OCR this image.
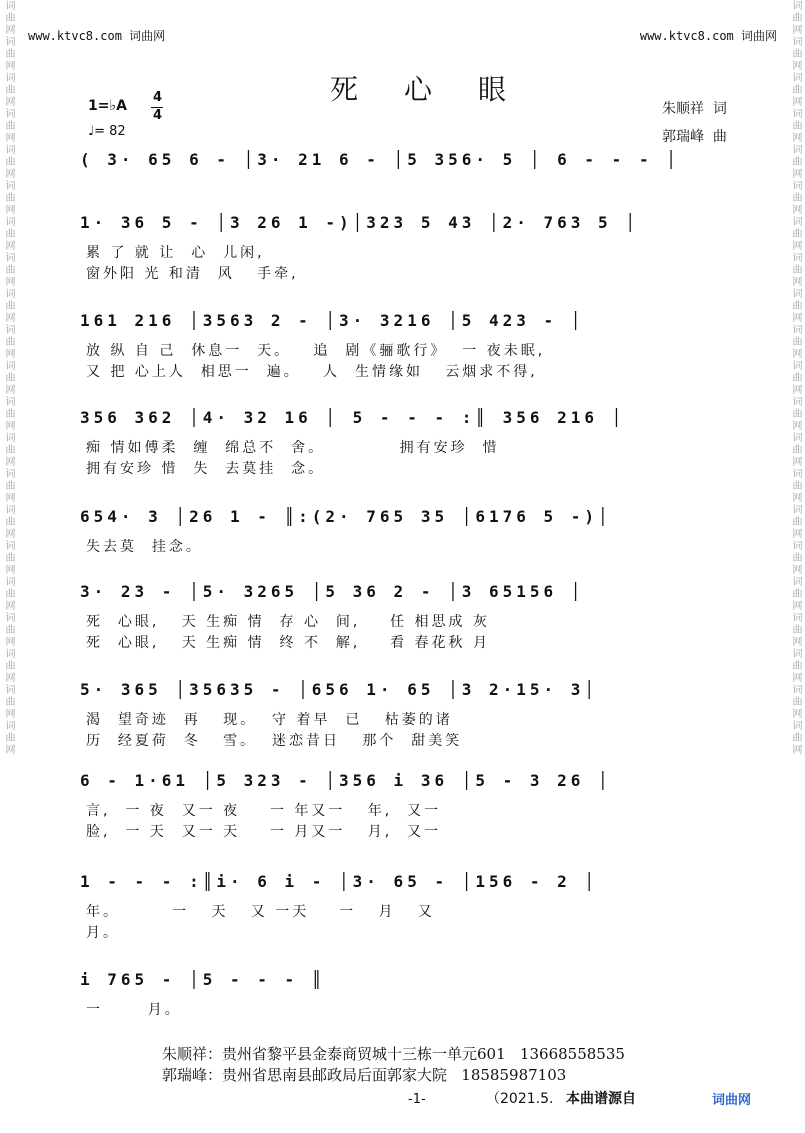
词曲网词曲网词曲网词曲网词曲网词曲网词曲网词曲网词曲网词曲网词曲网词曲网词曲网词曲网词曲网词曲网词曲网词曲网词曲网词曲网词曲网	词曲网词曲网词曲网词曲网词曲网词曲网词曲网词曲网词曲网词曲网词曲网词曲网词曲网词曲网词曲网词曲网词曲网词曲网词曲网词曲网词曲网
www.ktvc8.com 词曲网	www.ktvc8.com 词曲网
死心眼
1=♭A
4
4
♩= 82
朱顺祥  词
郭瑞峰  曲
( 3· 65 6 - │3· 21 6 - │5 356· 5 │ 6 - - - │
1· 36 5 - │3 26 1 -)│323 5 43 │2· 763 5 │
累 了 就 让  心  儿闲,
窗外阳 光 和清  风   手牵,
161 216 │3563 2 - │3· 3216 │5 423 - │
放 纵 自 己  休息一  天。   追  剧《骊歌行》  一 夜未眠,
又 把 心上人  相思一  遍。   人  生情缘如   云烟求不得,
356 362 │4· 32 16 │ 5 - - - :║ 356 216 │
痴 情如傅柔  缠  绵总不  舍。          拥有安珍  惜
拥有安珍 惜  失  去莫挂  念。
654· 3 │26 1 - ║:(2· 765 35 │6176 5 -)│
失去莫  挂念。
3· 23 - │5· 3265 │5 36 2 - │3 65156 │
死  心眼,   天 生痴 情  存 心  间,    任 相思成 灰
死  心眼,   天 生痴 情  终 不  解,    看 春花秋 月
5· 365 │35635 - │656 1· 65 │3 2·15· 3│
渴  望奇迹  再   现。  守 着早  已   枯萎的诸
历  经夏荷  冬   雪。  迷恋昔日   那个  甜美笑
6 - 1·61 │5 323 - │356 i 36 │5 - 3 26 │
言,  一 夜  又一 夜    一 年又一   年,  又一
脸,  一 天  又一 天    一 月又一   月,  又一
1 - - - :║i· 6 i - │3· 65 - │156 - 2 │
年。       一   天   又 一天    一   月   又
月。
i 765 - │5 - - - ║
一      月。
朱顺祥：贵州省黎平县金泰商贸城十三栋一单元601   13668558535
郭瑞峰：贵州省思南县邮政局后面郭家大院   18585987103
-1-	（2021.5. 本曲谱源自	词曲网
